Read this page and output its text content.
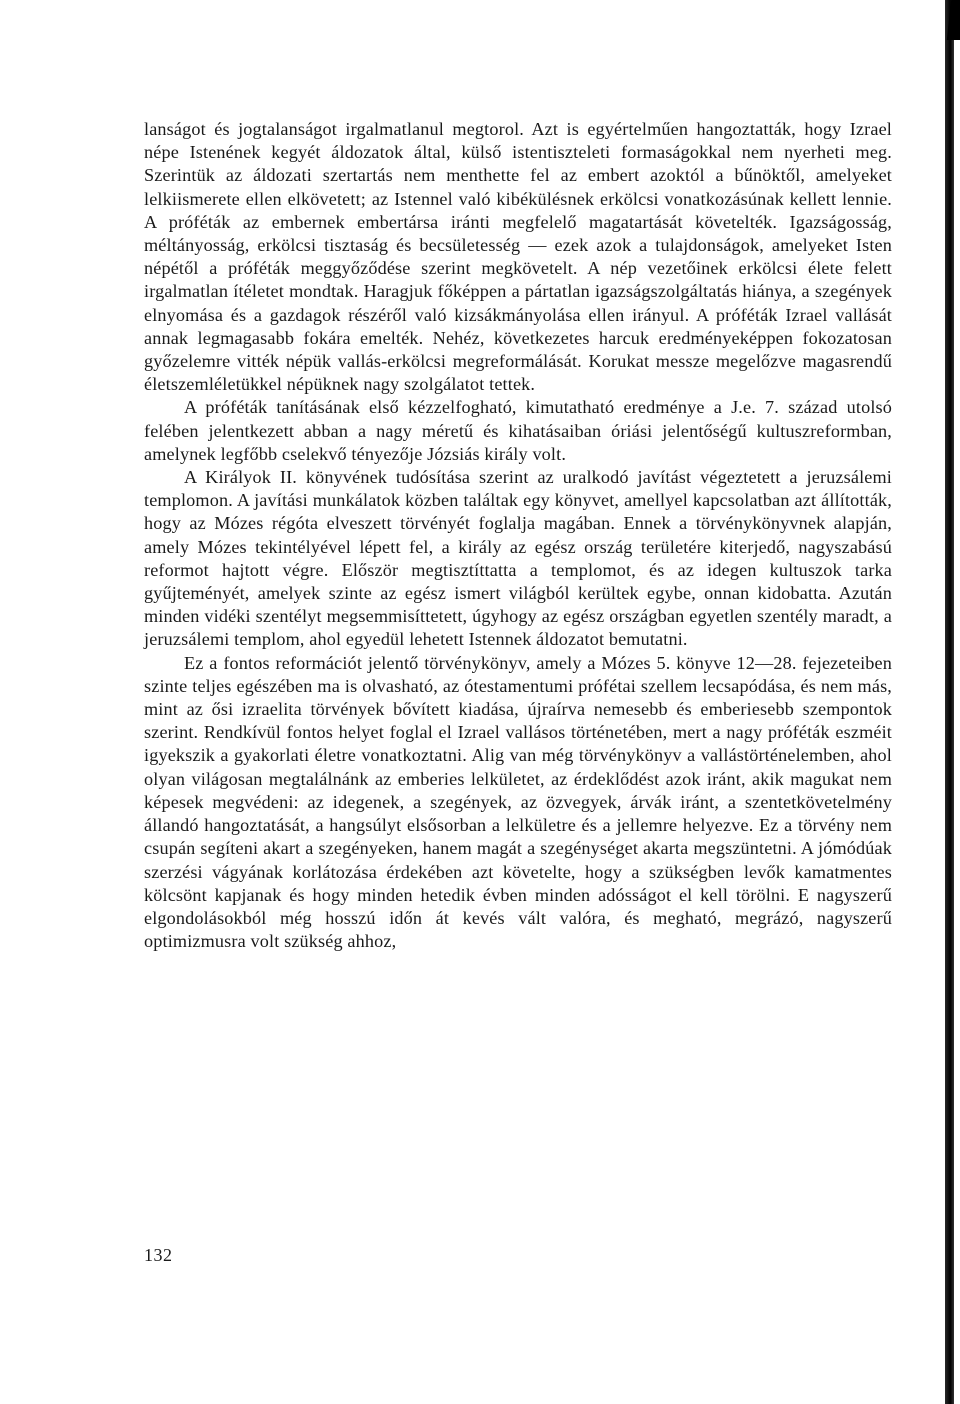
lanságot és jogtalanságot irgalmatlanul megtorol. Azt is egyértelműen hangoztatták, hogy Izrael népe Istenének kegyét áldozatok által, külső istentiszteleti formaságokkal nem nyerheti meg. Szerintük az áldozati szertartás nem menthette fel az embert azoktól a bűnöktől, amelyeket lelkiismerete ellen elkövetett; az Istennel való kibékülésnek erkölcsi vonatkozásúnak kellett lennie. A próféták az embernek embertársa iránti megfelelő magatartását követelték. Igazságosság, méltányosság, erkölcsi tisztaság és becsületesség — ezek azok a tulajdonságok, amelyeket Isten népétől a próféták meggyőződése szerint megkövetelt. A nép vezetőinek erkölcsi élete felett irgalmatlan ítéletet mondtak. Haragjuk főképpen a pártatlan igazságszolgáltatás hiánya, a szegények elnyomása és a gazdagok részéről való kizsákmányolása ellen irányul. A próféták Izrael vallását annak legmagasabb fokára emelték. Nehéz, következetes harcuk eredményeképpen fokozatosan győzelemre vitték népük vallás-erkölcsi megreformálását. Korukat messze megelőzve magasrendű életszemléletükkel népüknek nagy szolgálatot tettek.

A próféták tanításának első kézzelfogható, kimutatható eredménye a J.e. 7. század utolsó felében jelentkezett abban a nagy méretű és kihatásaiban óriási jelentőségű kultuszreformban, amelynek legfőbb cselekvő tényezője Józsiás király volt.

A Királyok II. könyvének tudósítása szerint az uralkodó javítást végeztetett a jeruzsálemi templomon. A javítási munkálatok közben találtak egy könyvet, amellyel kapcsolatban azt állították, hogy az Mózes régóta elveszett törvényét foglalja magában. Ennek a törvénykönyvnek alapján, amely Mózes tekintélyével lépett fel, a király az egész ország területére kiterjedő, nagyszabású reformot hajtott végre. Először megtisztíttatta a templomot, és az idegen kultuszok tarka gyűjteményét, amelyek szinte az egész ismert világból kerültek egybe, onnan kidobatta. Azután minden vidéki szentélyt megsemmisíttetett, úgyhogy az egész országban egyetlen szentély maradt, a jeruzsálemi templom, ahol egyedül lehetett Istennek áldozatot bemutatni.

Ez a fontos reformációt jelentő törvénykönyv, amely a Mózes 5. könyve 12—28. fejezeteiben szinte teljes egészében ma is olvasható, az ótestamentumi prófétai szellem lecsapódása, és nem más, mint az ősi izraelita törvények bővített kiadása, újraírva nemesebb és emberiesebb szempontok szerint. Rendkívül fontos helyet foglal el Izrael vallásos történetében, mert a nagy próféták eszméit igyekszik a gyakorlati életre vonatkoztatni. Alig van még törvénykönyv a vallástörténelemben, ahol olyan világosan megtalálnánk az emberies lelkületet, az érdeklődést azok iránt, akik magukat nem képesek megvédeni: az idegenek, a szegények, az özvegyek, árvák iránt, a szentetkövetelmény állandó hangoztatását, a hangsúlyt elsősorban a lelkületre és a jellemre helyezve. Ez a törvény nem csupán segíteni akart a szegényeken, hanem magát a szegénységet akarta megszüntetni. A jómódúak szerzési vágyának korlátozása érdekében azt követelte, hogy a szükségben levők kamatmentes kölcsönt kapjanak és hogy minden hetedik évben minden adósságot el kell törölni. E nagyszerű elgondolásokból még hosszú időn át kevés vált valóra, és megható, megrázó, nagyszerű optimizmusra volt szükség ahhoz,

132
